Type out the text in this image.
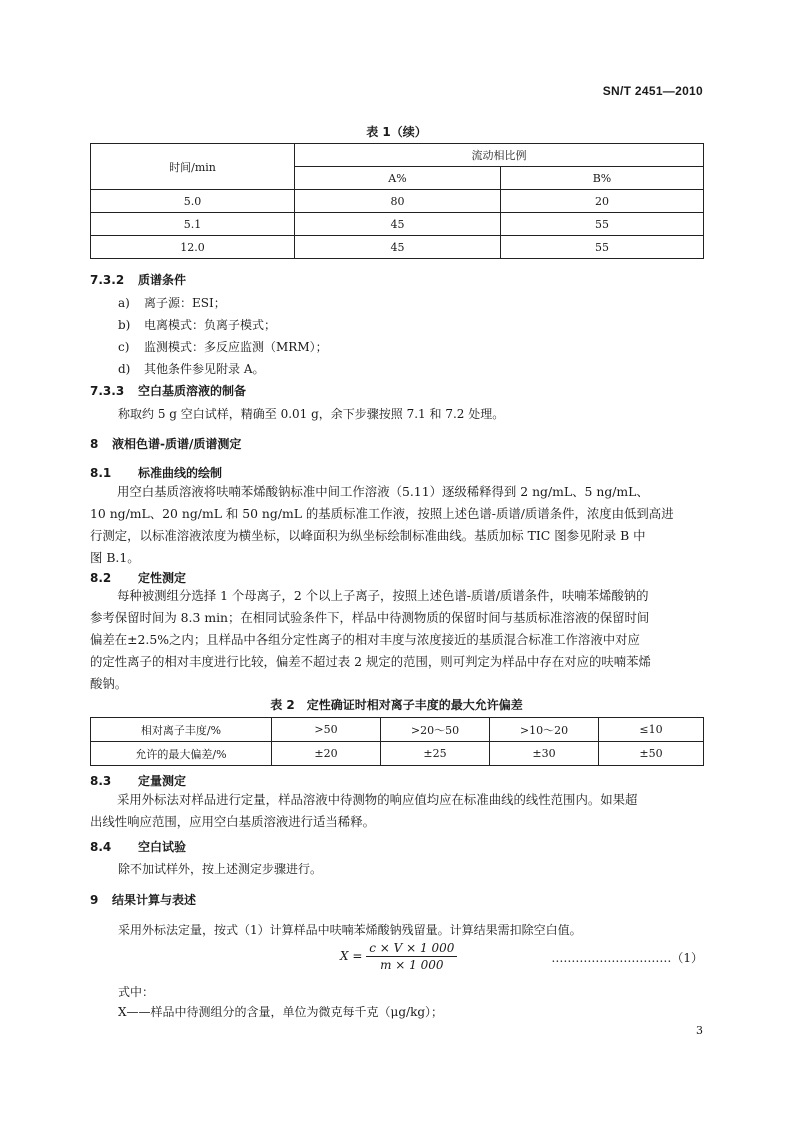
SN/T 2451—2010
表 1（续）
时间/min	流动相比例	
	A%	B%
5.0	80	20
5.1	45	55
12.0	45	55
7.3.2 质谱条件
a) 离子源：ESI；
b) 电离模式：负离子模式；
c) 监测模式：多反应监测（MRM）；
d) 其他条件参见附录 A。
7.3.3 空白基质溶液的制备
称取约 5 g 空白试样，精确至 0.01 g，余下步骤按照 7.1 和 7.2 处理。
8 液相色谱-质谱/质谱测定
8.1 标准曲线的绘制
用空白基质溶液将呋喃苯烯酸钠标准中间工作溶液（5.11）逐级稀释得到 2 ng/mL、5 ng/mL、
10 ng/mL、20 ng/mL 和 50 ng/mL 的基质标准工作液，按照上述色谱-质谱/质谱条件，浓度由低到高进
行测定，以标准溶液浓度为横坐标，以峰面积为纵坐标绘制标准曲线。基质加标 TIC 图参见附录 B 中
图 B.1。
8.2 定性测定
每种被测组分选择 1 个母离子，2 个以上子离子，按照上述色谱-质谱/质谱条件，呋喃苯烯酸钠的
参考保留时间为 8.3 min；在相同试验条件下，样品中待测物质的保留时间与基质标准溶液的保留时间
偏差在±2.5%之内；且样品中各组分定性离子的相对丰度与浓度接近的基质混合标准工作溶液中对应
的定性离子的相对丰度进行比较，偏差不超过表 2 规定的范围，则可判定为样品中存在对应的呋喃苯烯
酸钠。
表 2　定性确证时相对离子丰度的最大允许偏差
相对离子丰度/%	>50	>20～50	>10～20	≤10
允许的最大偏差/%	±20	±25	±30	±50
8.3 定量测定
采用外标法对样品进行定量，样品溶液中待测物的响应值均应在标准曲线的线性范围内。如果超
出线性响应范围，应用空白基质溶液进行适当稀释。
8.4 空白试验
除不加试样外，按上述测定步骤进行。
9 结果计算与表述
采用外标法定量，按式（1）计算样品中呋喃苯烯酸钠残留量。计算结果需扣除空白值。
$X = \frac{c \times V \times 1 000}{m \times 1 000}$	…………………………（1）
式中：
X——样品中待测组分的含量，单位为微克每千克（μg/kg）；
3
